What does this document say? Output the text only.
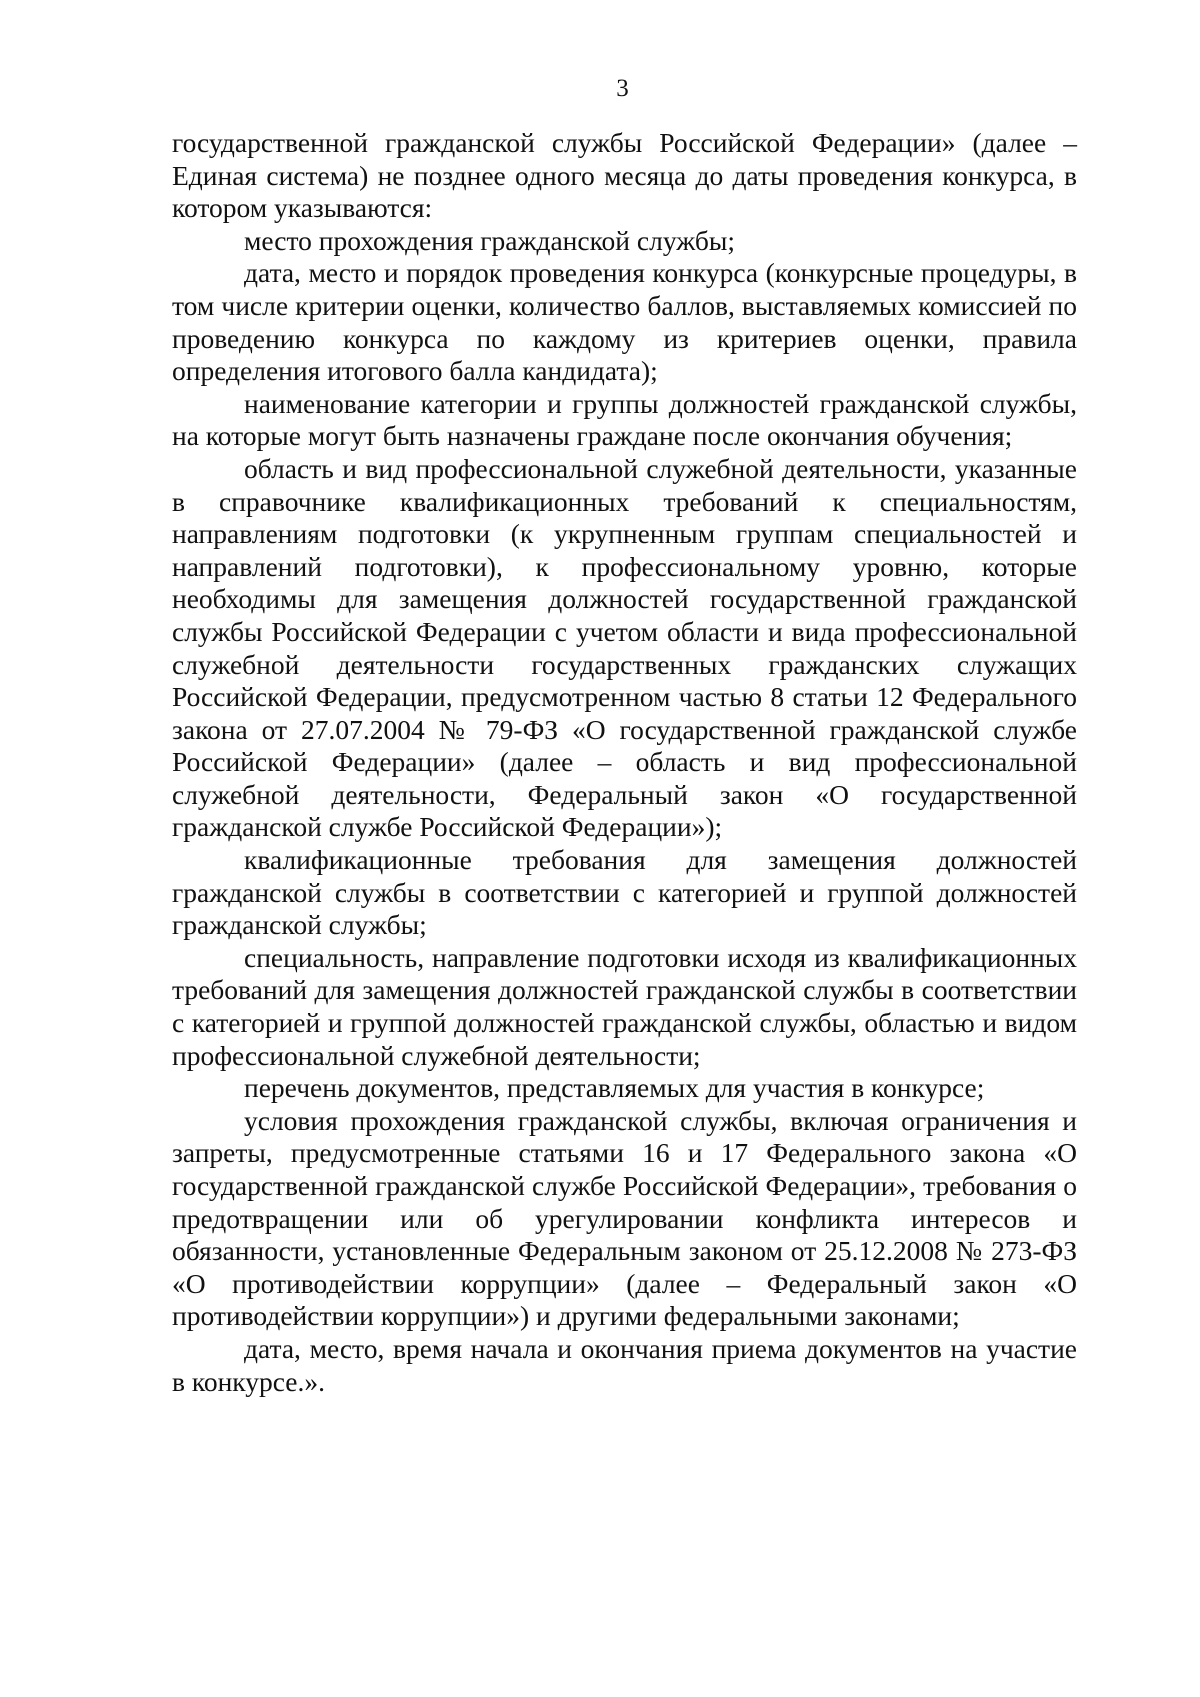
3

государственной гражданской службы Российской Федерации» (далее – Единая система) не позднее одного месяца до даты проведения конкурса, в котором указываются:

место прохождения гражданской службы;

дата, место и порядок проведения конкурса (конкурсные процедуры, в том числе критерии оценки, количество баллов, выставляемых комиссией по проведению конкурса по каждому из критериев оценки, правила определения итогового балла кандидата);

наименование категории и группы должностей гражданской службы, на которые могут быть назначены граждане после окончания обучения;

область и вид профессиональной служебной деятельности, указанные в справочнике квалификационных требований к специальностям, направлениям подготовки (к укрупненным группам специальностей и направлений подготовки), к профессиональному уровню, которые необходимы для замещения должностей государственной гражданской службы Российской Федерации с учетом области и вида профессиональной служебной деятельности государственных гражданских служащих Российской Федерации, предусмотренном частью 8 статьи 12 Федерального закона от 27.07.2004 № 79-ФЗ «О государственной гражданской службе Российской Федерации» (далее – область и вид профессиональной служебной деятельности, Федеральный закон «О государственной гражданской службе Российской Федерации»);

квалификационные требования для замещения должностей гражданской службы в соответствии с категорией и группой должностей гражданской службы;

специальность, направление подготовки исходя из квалификационных требований для замещения должностей гражданской службы в соответствии с категорией и группой должностей гражданской службы, областью и видом профессиональной служебной деятельности;

перечень документов, представляемых для участия в конкурсе;

условия прохождения гражданской службы, включая ограничения и запреты, предусмотренные статьями 16 и 17 Федерального закона «О государственной гражданской службе Российской Федерации», требования о предотвращении или об урегулировании конфликта интересов и обязанности, установленные Федеральным законом от 25.12.2008 № 273-ФЗ «О противодействии коррупции» (далее – Федеральный закон «О противодействии коррупции») и другими федеральными законами;

дата, место, время начала и окончания приема документов на участие в конкурсе.».
